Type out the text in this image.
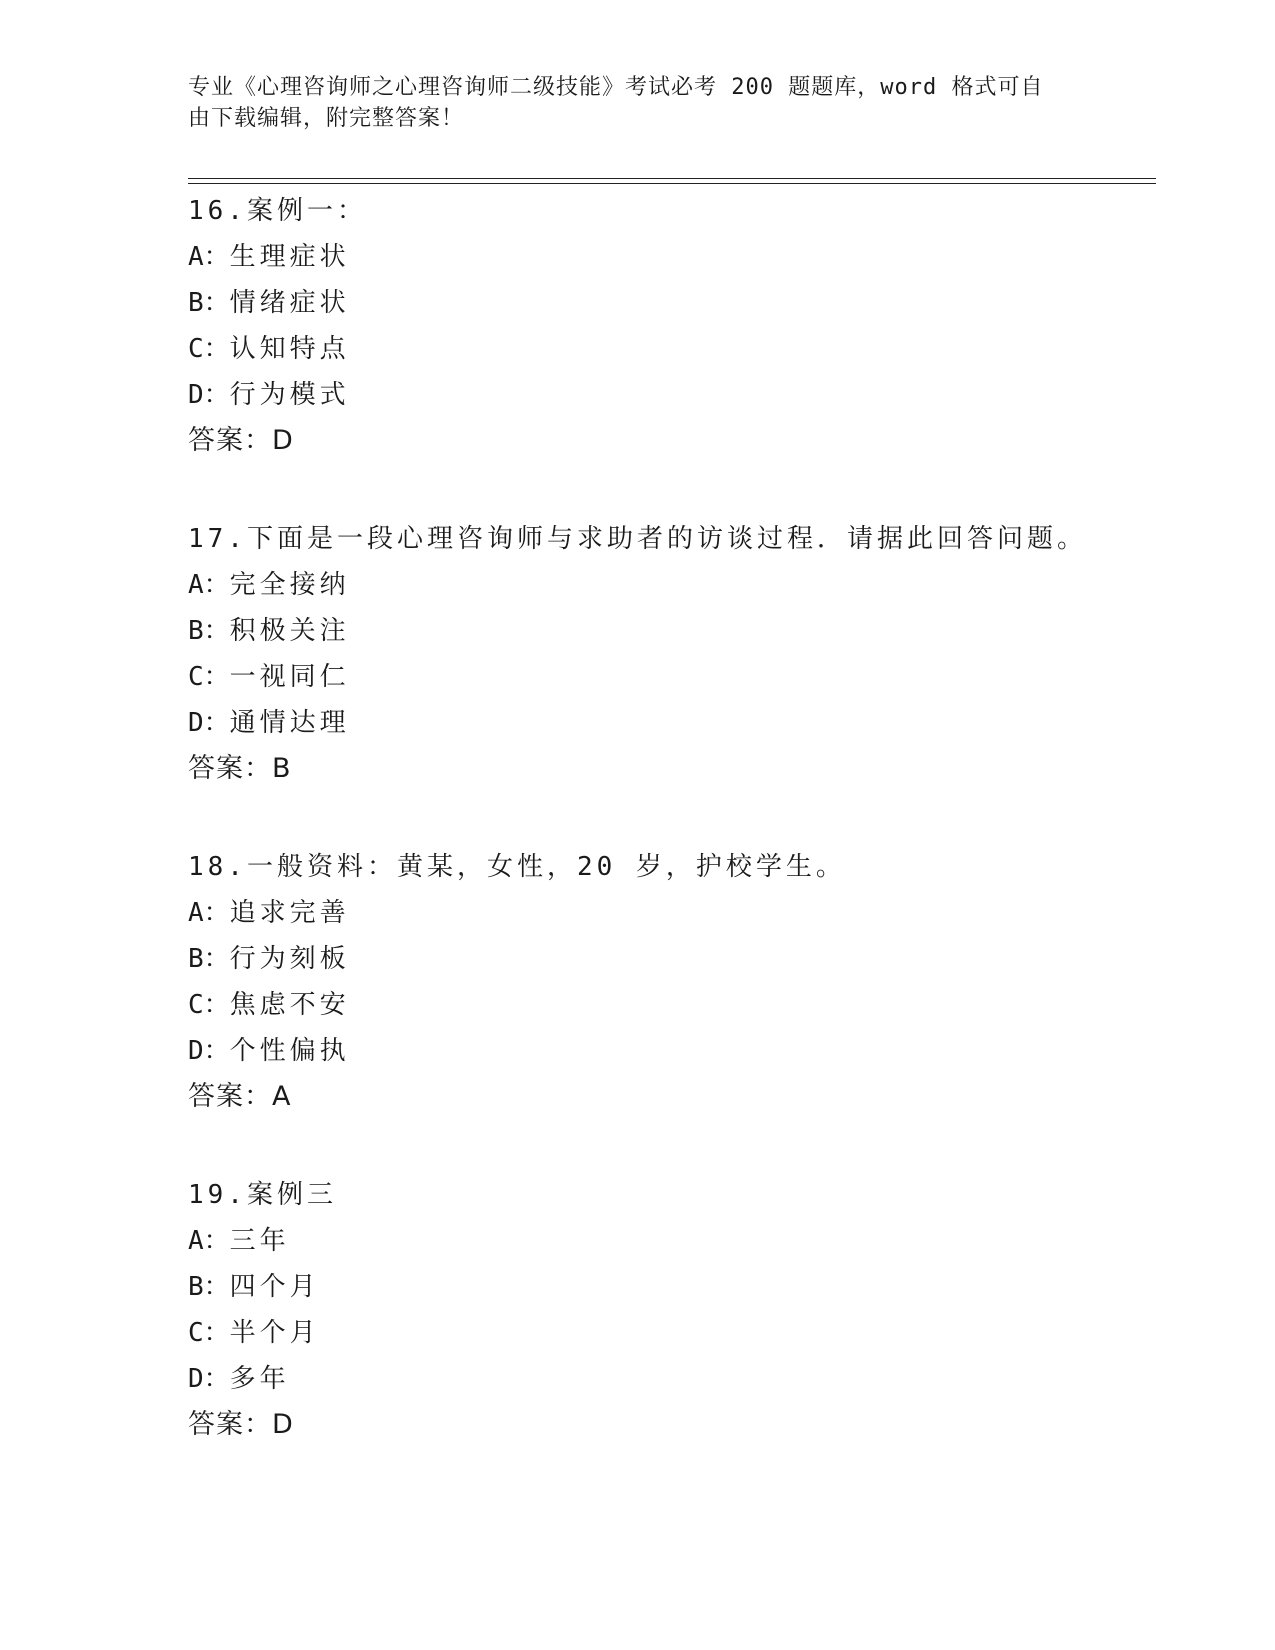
专业《心理咨询师之心理咨询师二级技能》考试必考 200 题题库，word 格式可自
由下载编辑，附完整答案！
16.案例一：
A：生理症状
B：情绪症状
C：认知特点
D：行为模式
答案：D
17.下面是一段心理咨询师与求助者的访谈过程．请据此回答问题。
A：完全接纳
B：积极关注
C：一视同仁
D：通情达理
答案：B
18.一般资料：黄某，女性，20 岁，护校学生。
A：追求完善
B：行为刻板
C：焦虑不安
D：个性偏执
答案：A
19.案例三
A：三年
B：四个月
C：半个月
D：多年
答案：D
